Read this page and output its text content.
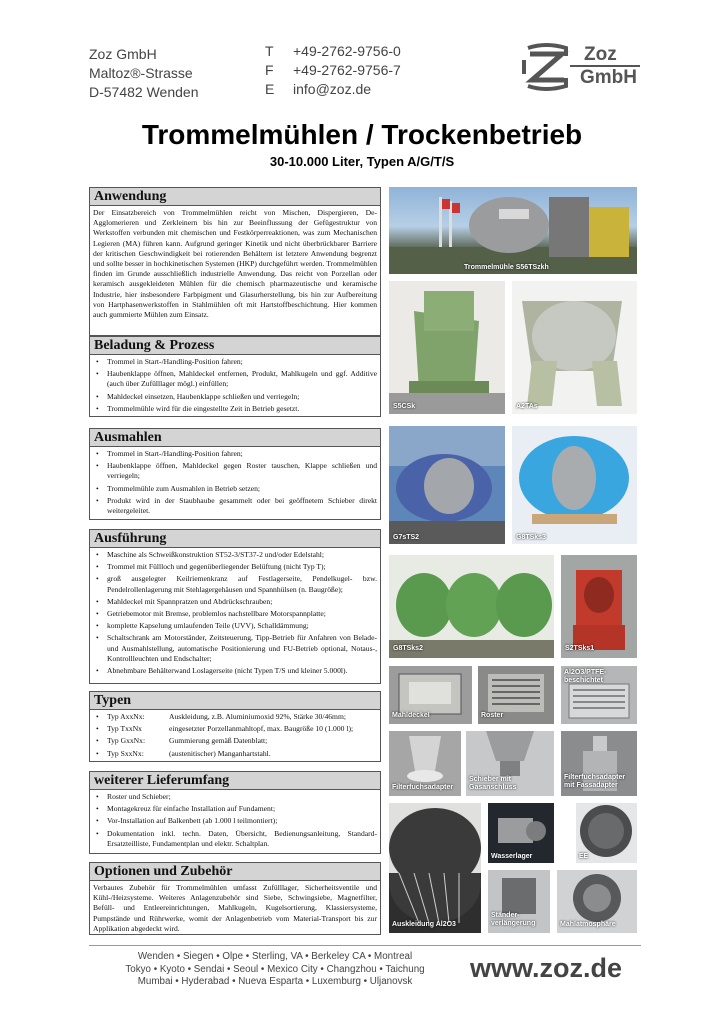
Zoz GmbH
Maltoz®-Strasse
D-57482 Wenden
T +49-2762-9756-0
F +49-2762-9756-7
E info@zoz.de
Zoz
GmbH
Trommelmühlen / Trockenbetrieb
30-10.000 Liter, Typen A/G/T/S
Anwendung
Der Einsatzbereich von Trommelmühlen reicht von Mischen, Dispergieren, De-Agglomerieren und Zerkleinern bis hin zur Beeinflussung der Gefügestruktur von Werkstoffen verbunden mit chemischen und Festkörperreaktionen, was zum Mechanischen Legieren (MA) führen kann. Aufgrund geringer Kinetik und nicht überbrückbarer Barriere der kritischen Geschwindigkeit bei rotierenden Behältern ist letztere Anwendung begrenzt und sollte besser in hochkinetischen Systemen (HKP) durchgeführt werden. Trommelmühlen finden im Grunde ausschließlich industrielle Anwendung. Das reicht von Porzellan oder keramisch ausgekleideten Mühlen für die chemisch pharmazeutische und keramische Industrie, hier insbesondere Farbpigment und Glasurherstellung, bis hin zur Aufbereitung von Hartphasenwerkstoffen in Stahlmühlen oft mit Hartstoffbeschichtung. Hier kommen auch gummierte Mühlen zum Einsatz.
Beladung & Prozess
• Trommel in Start-/Handling-Position fahren;
• Haubenklappe öffnen, Mahldeckel entfernen, Produkt, Mahlkugeln und ggf. Additive (auch über Zufülllager mögl.) einfüllen;
• Mahldeckel einsetzen, Haubenklappe schließen und verriegeln;
• Trommelmühle wird für die eingestellte Zeit in Betrieb gesetzt.
Ausmahlen
• Trommel in Start-/Handling-Position fahren;
• Haubenklappe öffnen, Mahldeckel gegen Roster tauschen, Klappe schließen und verriegeln;
• Trommelmühle zum Ausmahlen in Betrieb setzen;
• Produkt wird in der Staubhaube gesammelt oder bei geöffnetem Schieber direkt weitergeleitet.
Ausführung
• Maschine als Schweißkonstruktion ST52-3/ST37-2 und/oder Edelstahl;
• Trommel mit Füllloch und gegenüberliegender Belüftung (nicht Typ T);
• groß ausgelegter Keilriemenkranz auf Festlagerseite, Pendelkugel- bzw. Pendelrollenlagerung mit Stehlagergehäusen und Spannhülsen (n. Baugröße);
• Mahldeckel mit Spannpratzen und Abdrückschrauben;
• Getriebemotor mit Bremse, problemlos nachstellbare Motorspannplatte;
• komplette Kapselung umlaufenden Teile (UVV), Schalldämmung;
• Schaltschrank am Motorständer, Zeitsteuerung, Tipp-Betrieb für Anfahren von Belade- und Ausmahlstellung, automatische Positionierung und FU-Betrieb optional, Notaus-, Kontrollleuchten und Endschalter;
• Abnehmbare Behälterwand Loslagerseite (nicht Typen T/S und kleiner 5.000l).
Typen
• Typ AxxNx:	Auskleidung, z.B. Aluminiumoxid 92%, Stärke 30/46mm;
• Typ TxxNx	eingesetzter Porzellanmahltopf, max. Baugröße 10 (1.000 l);
• Typ GxxNx:	Gummierung gemäß Datenblatt;
• Typ SxxNx:	(austenitischer) Manganhartstahl.
weiterer Lieferumfang
• Roster und Schieber;
• Montagekreuz für einfache Installation auf Fundament;
• Vor-Installation auf Balkenbett (ab 1.000 l teilmontiert);
• Dokumentation inkl. techn. Daten, Übersicht, Bedienungsanleitung, Standard-Ersatzteilliste, Fundamentplan und elektr. Schaltplan.
Optionen und Zubehör
Verbautes Zubehör für Trommelmühlen umfasst Zufülllager, Sicherheitsventile und Kühl-/Heizsysteme. Weiteres Anlagenzubehör sind Siebe, Schwingsiebe, Magnetfilter, Befüll- und Entleereinrichtungen, Mahlkugeln, Kugelsortierung, Klassiersysteme, Pumpstände und Rührwerke, womit der Anlagenbetrieb vom Material-Transport bis zur Applikation abgedeckt wird.
Trommelmühle S56TSzkh
S5CSk	A2TAs
G7sTS2	G8TSks3
G8TSks2	S2TSks1
Mahldeckel	Roster
Al2O3/PTFE-beschichtet
Filterfuchsadapter
Schieber mit Gasanschluss
Filterfuchsadapter mit Fassadapter
Wasserlager	EE
Auskleidung Al2O3
Ständer-verlängerung	Mahlatmosphäre
Wenden • Siegen • Olpe • Sterling, VA • Berkeley CA • Montreal
Tokyo • Kyoto • Sendai • Seoul • Mexico City • Changzhou • Taichung
Mumbai • Hyderabad • Nueva Esparta • Luxemburg • Uljanovsk	www.zoz.de
